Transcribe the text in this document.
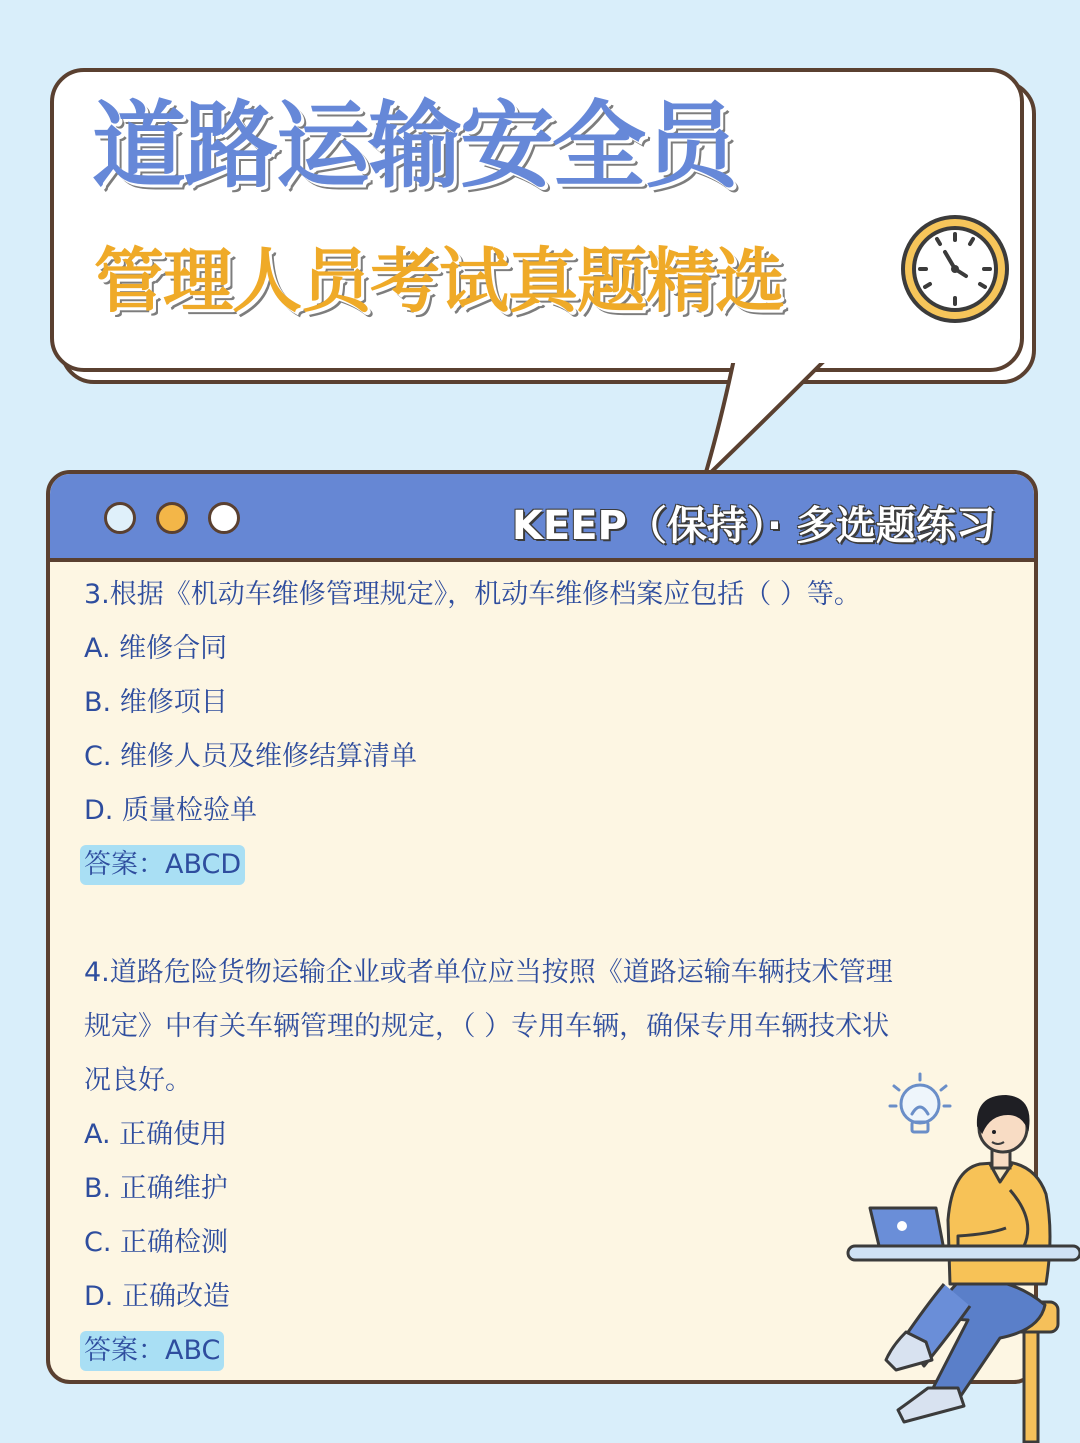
道路运输安全员
管理人员考试真题精选
KEEP（保持）· 多选题练习
3.根据《机动车维修管理规定》，机动车维修档案应包括（ ）等。
A. 维修合同
B. 维修项目
C. 维修人员及维修结算清单
D. 质量检验单
答案：ABCD
4.道路危险货物运输企业或者单位应当按照《道路运输车辆技术管理
规定》中有关车辆管理的规定，（ ）专用车辆，确保专用车辆技术状
况良好。
A. 正确使用
B. 正确维护
C. 正确检测
D. 正确改造
答案：ABC
